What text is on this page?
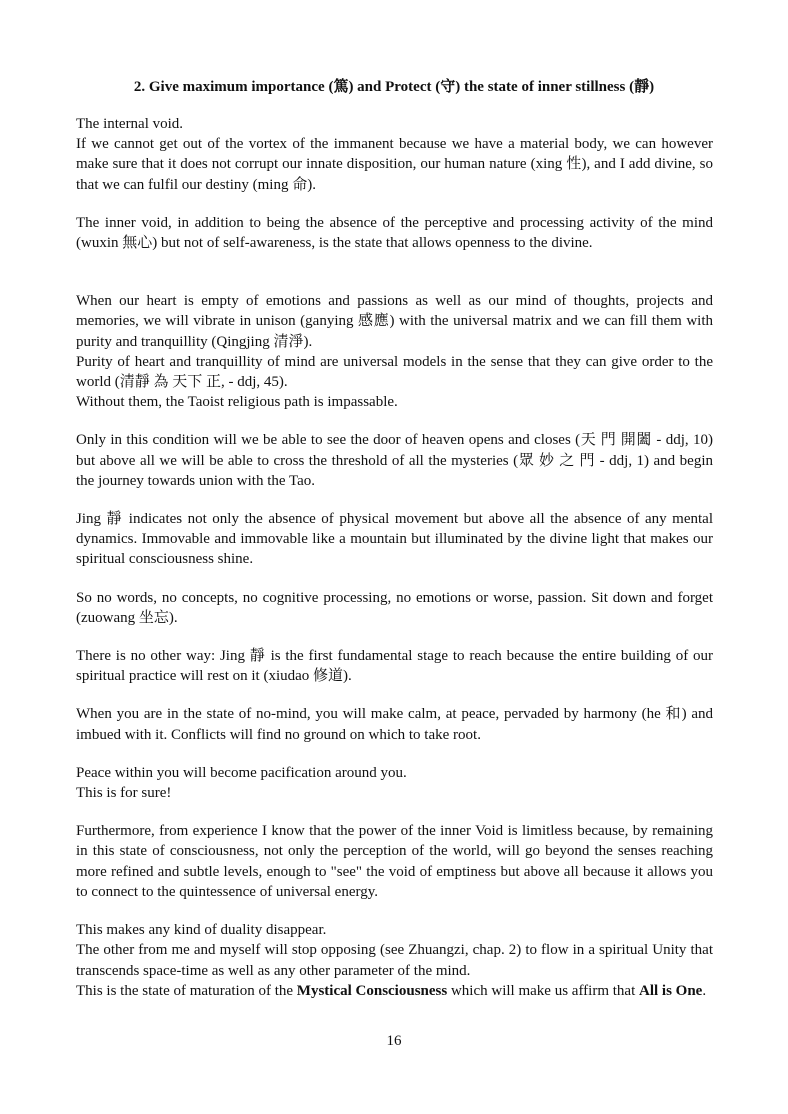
2. Give maximum importance (篤) and Protect (守) the state of inner stillness (靜)

The internal void.

If we cannot get out of the vortex of the immanent because we have a material body, we can however make sure that it does not corrupt our innate disposition, our human nature (xing 性), and I add divine, so that we can fulfil our destiny (ming 命).

The inner void, in addition to being the absence of the perceptive and processing activity of the mind (wuxin 無心) but not of self-awareness, is the state that allows openness to the divine.

When our heart is empty of emotions and passions as well as our mind of thoughts, projects and memories, we will vibrate in unison (ganying 感應) with the universal matrix and we can fill them with purity and tranquillity (Qingjing 清淨).

Purity of heart and tranquillity of mind are universal models in the sense that they can give order to the world (清靜 為 天下 正, - ddj, 45).

Without them, the Taoist religious path is impassable.

Only in this condition will we be able to see the door of heaven opens and closes (天 門 開闔 - ddj, 10) but above all we will be able to cross the threshold of all the mysteries (眾 妙 之 門 - ddj, 1) and begin the journey towards union with the Tao.

Jing 靜 indicates not only the absence of physical movement but above all the absence of any mental dynamics. Immovable and immovable like a mountain but illuminated by the divine light that makes our spiritual consciousness shine.

So no words, no concepts, no cognitive processing, no emotions or worse, passion. Sit down and forget (zuowang 坐忘).

There is no other way: Jing 靜 is the first fundamental stage to reach because the entire building of our spiritual practice will rest on it (xiudao 修道).

When you are in the state of no-mind, you will make calm, at peace, pervaded by harmony (he 和) and imbued with it. Conflicts will find no ground on which to take root.

Peace within you will become pacification around you.

This is for sure!

Furthermore, from experience I know that the power of the inner Void is limitless because, by remaining in this state of consciousness, not only the perception of the world, will go beyond the senses reaching more refined and subtle levels, enough to "see" the void of emptiness but above all because it allows you to connect to the quintessence of universal energy.

This makes any kind of duality disappear.

The other from me and myself will stop opposing (see Zhuangzi, chap. 2) to flow in a spiritual Unity that transcends space-time as well as any other parameter of the mind.

This is the state of maturation of the Mystical Consciousness which will make us affirm that All is One.

16
